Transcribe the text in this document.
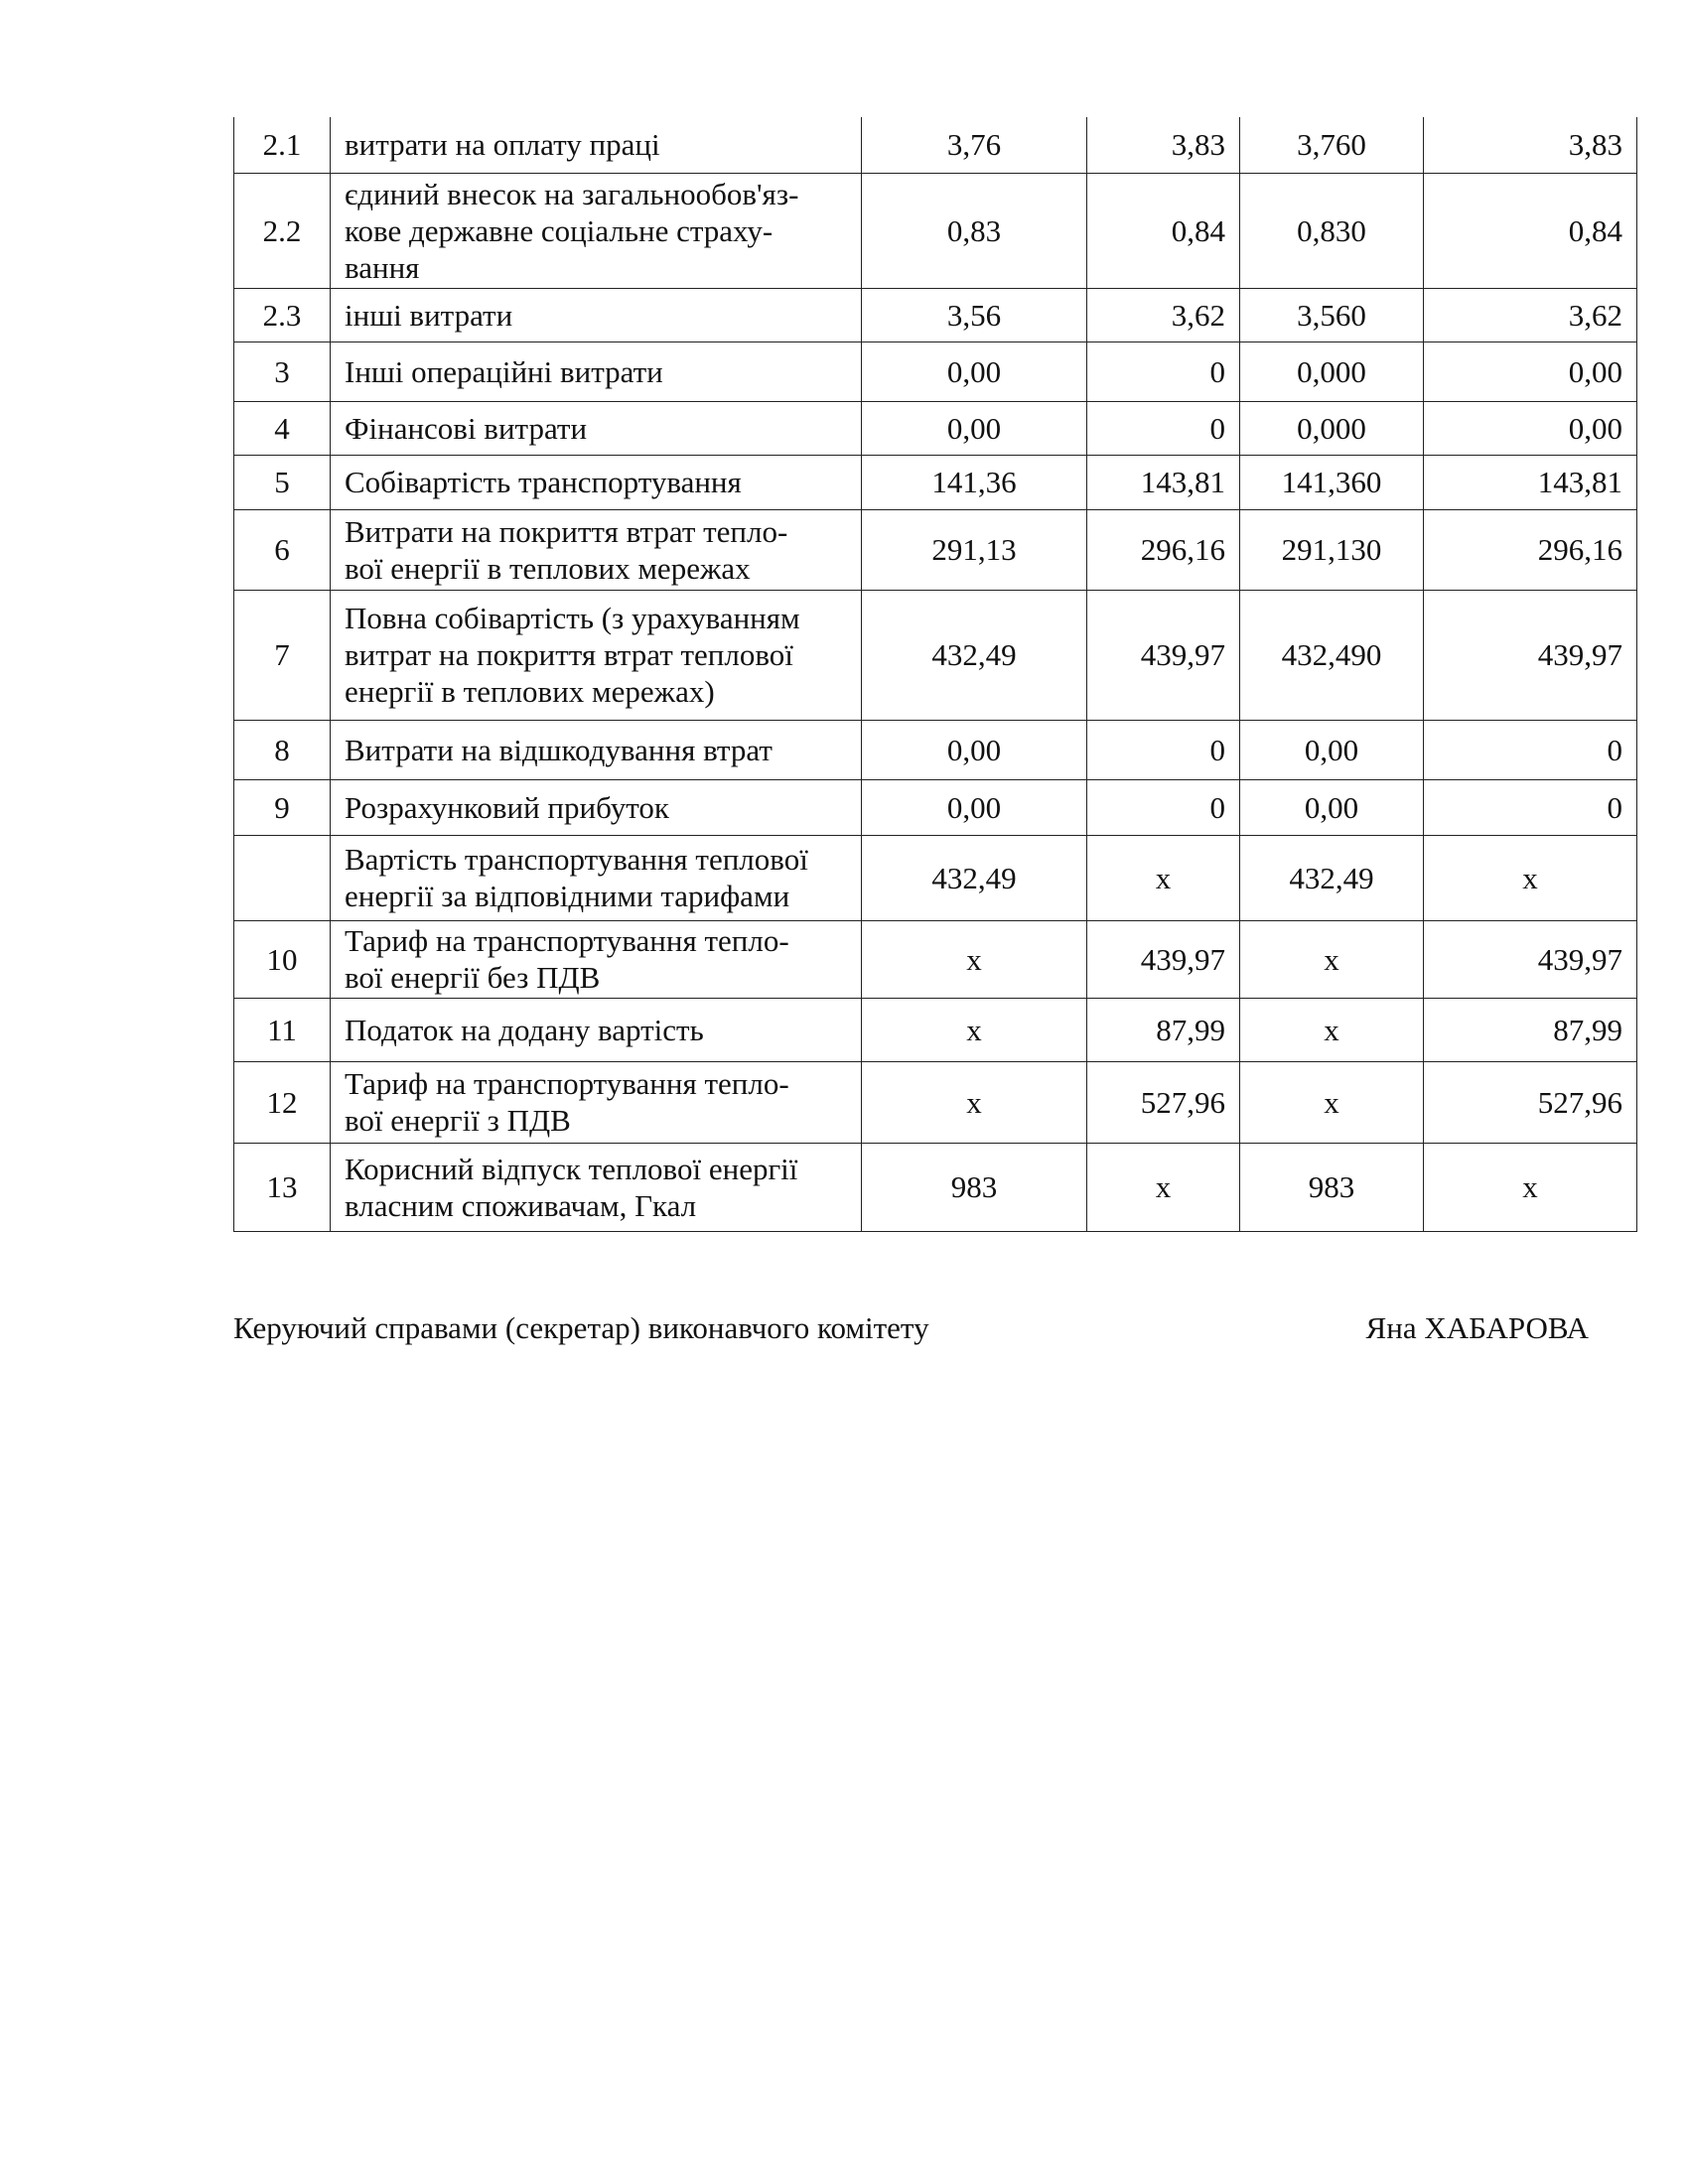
2.1	витрати на оплату праці	3,76	3,83	3,760	3,83
2.2	єдиний внесок на загальнообов'яз-
кове державне соціальне страху-
вання	0,83	0,84	0,830	0,84
2.3	інші витрати	3,56	3,62	3,560	3,62
3	Інші операційні витрати	0,00	0	0,000	0,00
4	Фінансові витрати	0,00	0	0,000	0,00
5	Собівартість транспортування	141,36	143,81	141,360	143,81
6	Витрати на покриття втрат тепло-
вої енергії в теплових мережах	291,13	296,16	291,130	296,16
7	Повна собівартість (з урахуванням
витрат на покриття втрат теплової
енергії в теплових мережах)	432,49	439,97	432,490	439,97
8	Витрати на відшкодування втрат	0,00	0	0,00	0
9	Розрахунковий прибуток	0,00	0	0,00	0
	Вартість транспортування теплової
енергії за відповідними тарифами	432,49	x	432,49	x
10	Тариф на транспортування тепло-
вої енергії без ПДВ	x	439,97	x	439,97
11	Податок на додану вартість	x	87,99	x	87,99
12	Тариф на транспортування тепло-
вої енергії з ПДВ	x	527,96	x	527,96
13	Корисний відпуск теплової енергії
власним споживачам, Гкал	983	x	983	x
Керуючий справами (секретар) виконавчого комітету	Яна ХАБАРОВА
